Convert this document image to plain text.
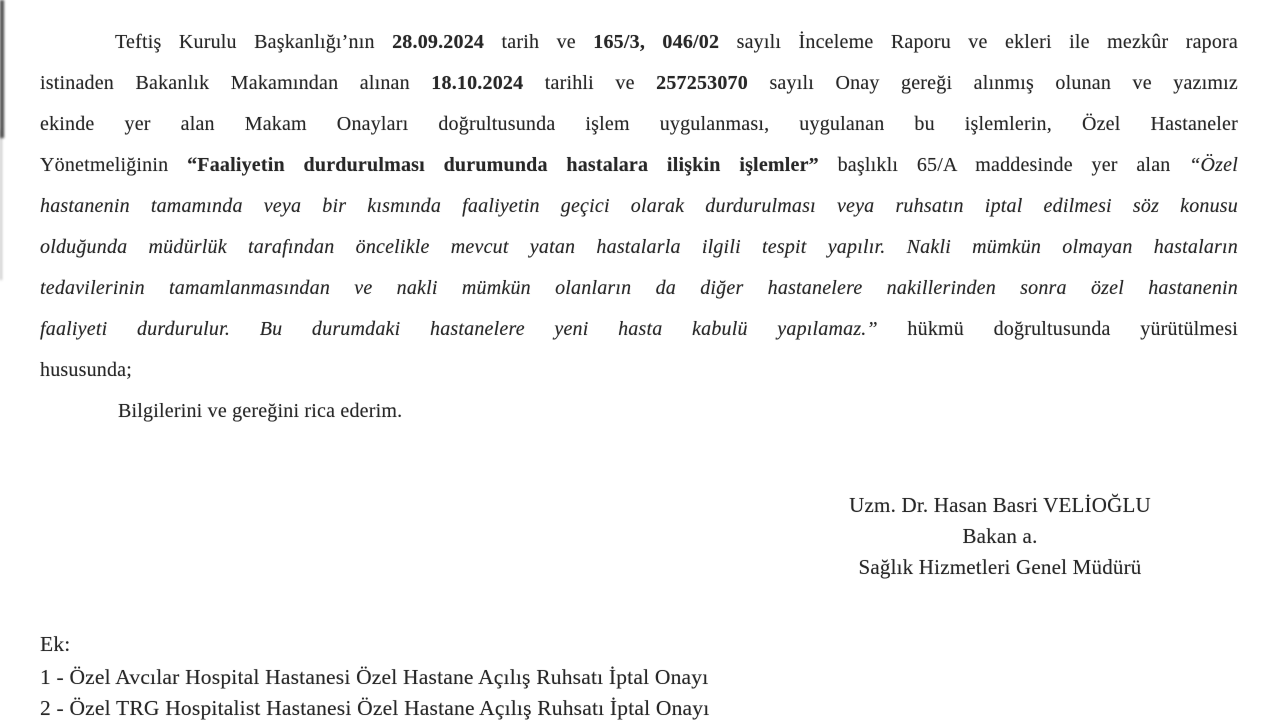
Teftiş Kurulu Başkanlığı’nın 28.09.2024 tarih ve 165/3, 046/02 sayılı İnceleme Raporu ve ekleri ile mezkûr rapora
istinaden Bakanlık Makamından alınan 18.10.2024 tarihli ve 257253070 sayılı Onay gereği alınmış olunan ve yazımız
ekinde yer alan Makam Onayları doğrultusunda işlem uygulanması, uygulanan bu işlemlerin, Özel Hastaneler
Yönetmeliğinin “Faaliyetin durdurulması durumunda hastalara ilişkin işlemler” başlıklı 65/A maddesinde yer alan “Özel
hastanenin tamamında veya bir kısmında faaliyetin geçici olarak durdurulması veya ruhsatın iptal edilmesi söz konusu
olduğunda müdürlük tarafından öncelikle mevcut yatan hastalarla ilgili tespit yapılır. Nakli mümkün olmayan hastaların
tedavilerinin tamamlanmasından ve nakli mümkün olanların da diğer hastanelere nakillerinden sonra özel hastanenin
faaliyeti durdurulur. Bu durumdaki hastanelere yeni hasta kabulü yapılamaz.” hükmü doğrultusunda yürütülmesi
hususunda;

Bilgilerini ve gereğini rica ederim.

Uzm. Dr. Hasan Basri VELİOĞLU
Bakan a.
Sağlık Hizmetleri Genel Müdürü
Ek:
1 - Özel Avcılar Hospital Hastanesi Özel Hastane Açılış Ruhsatı İptal Onayı
2 - Özel TRG Hospitalist Hastanesi Özel Hastane Açılış Ruhsatı İptal Onayı
